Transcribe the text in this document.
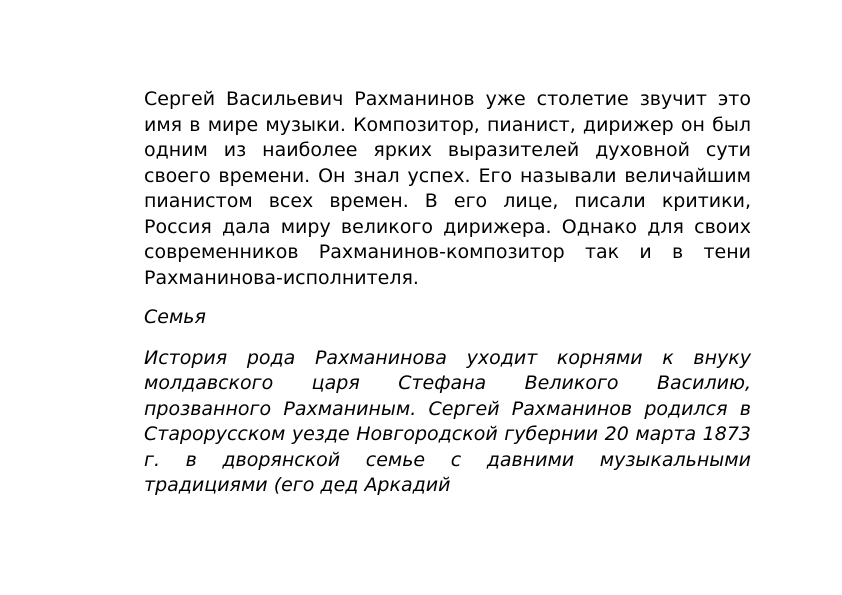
Сергей Васильевич Рахманинов уже столетие звучит это имя в мире музыки. Композитор, пианист, дирижер он был одним из наиболее ярких выразителей духовной сути своего времени. Он знал успех. Его называли величайшим пианистом всех времен. В его лице, писали критики, Россия дала миру великого дирижера. Однако для своих современников Рахманинов-композитор так и в тени Рахманинова-исполнителя.

Семья

История рода Рахманинова уходит корнями к внуку молдавского царя Стефана Великого Василию, прозванного Рахманиным. Сергей Рахманинов родился в Старорусском уезде Новгородской губернии 20 марта 1873 г. в дворянской семье с давними музыкальными традициями (его дед Аркадий
